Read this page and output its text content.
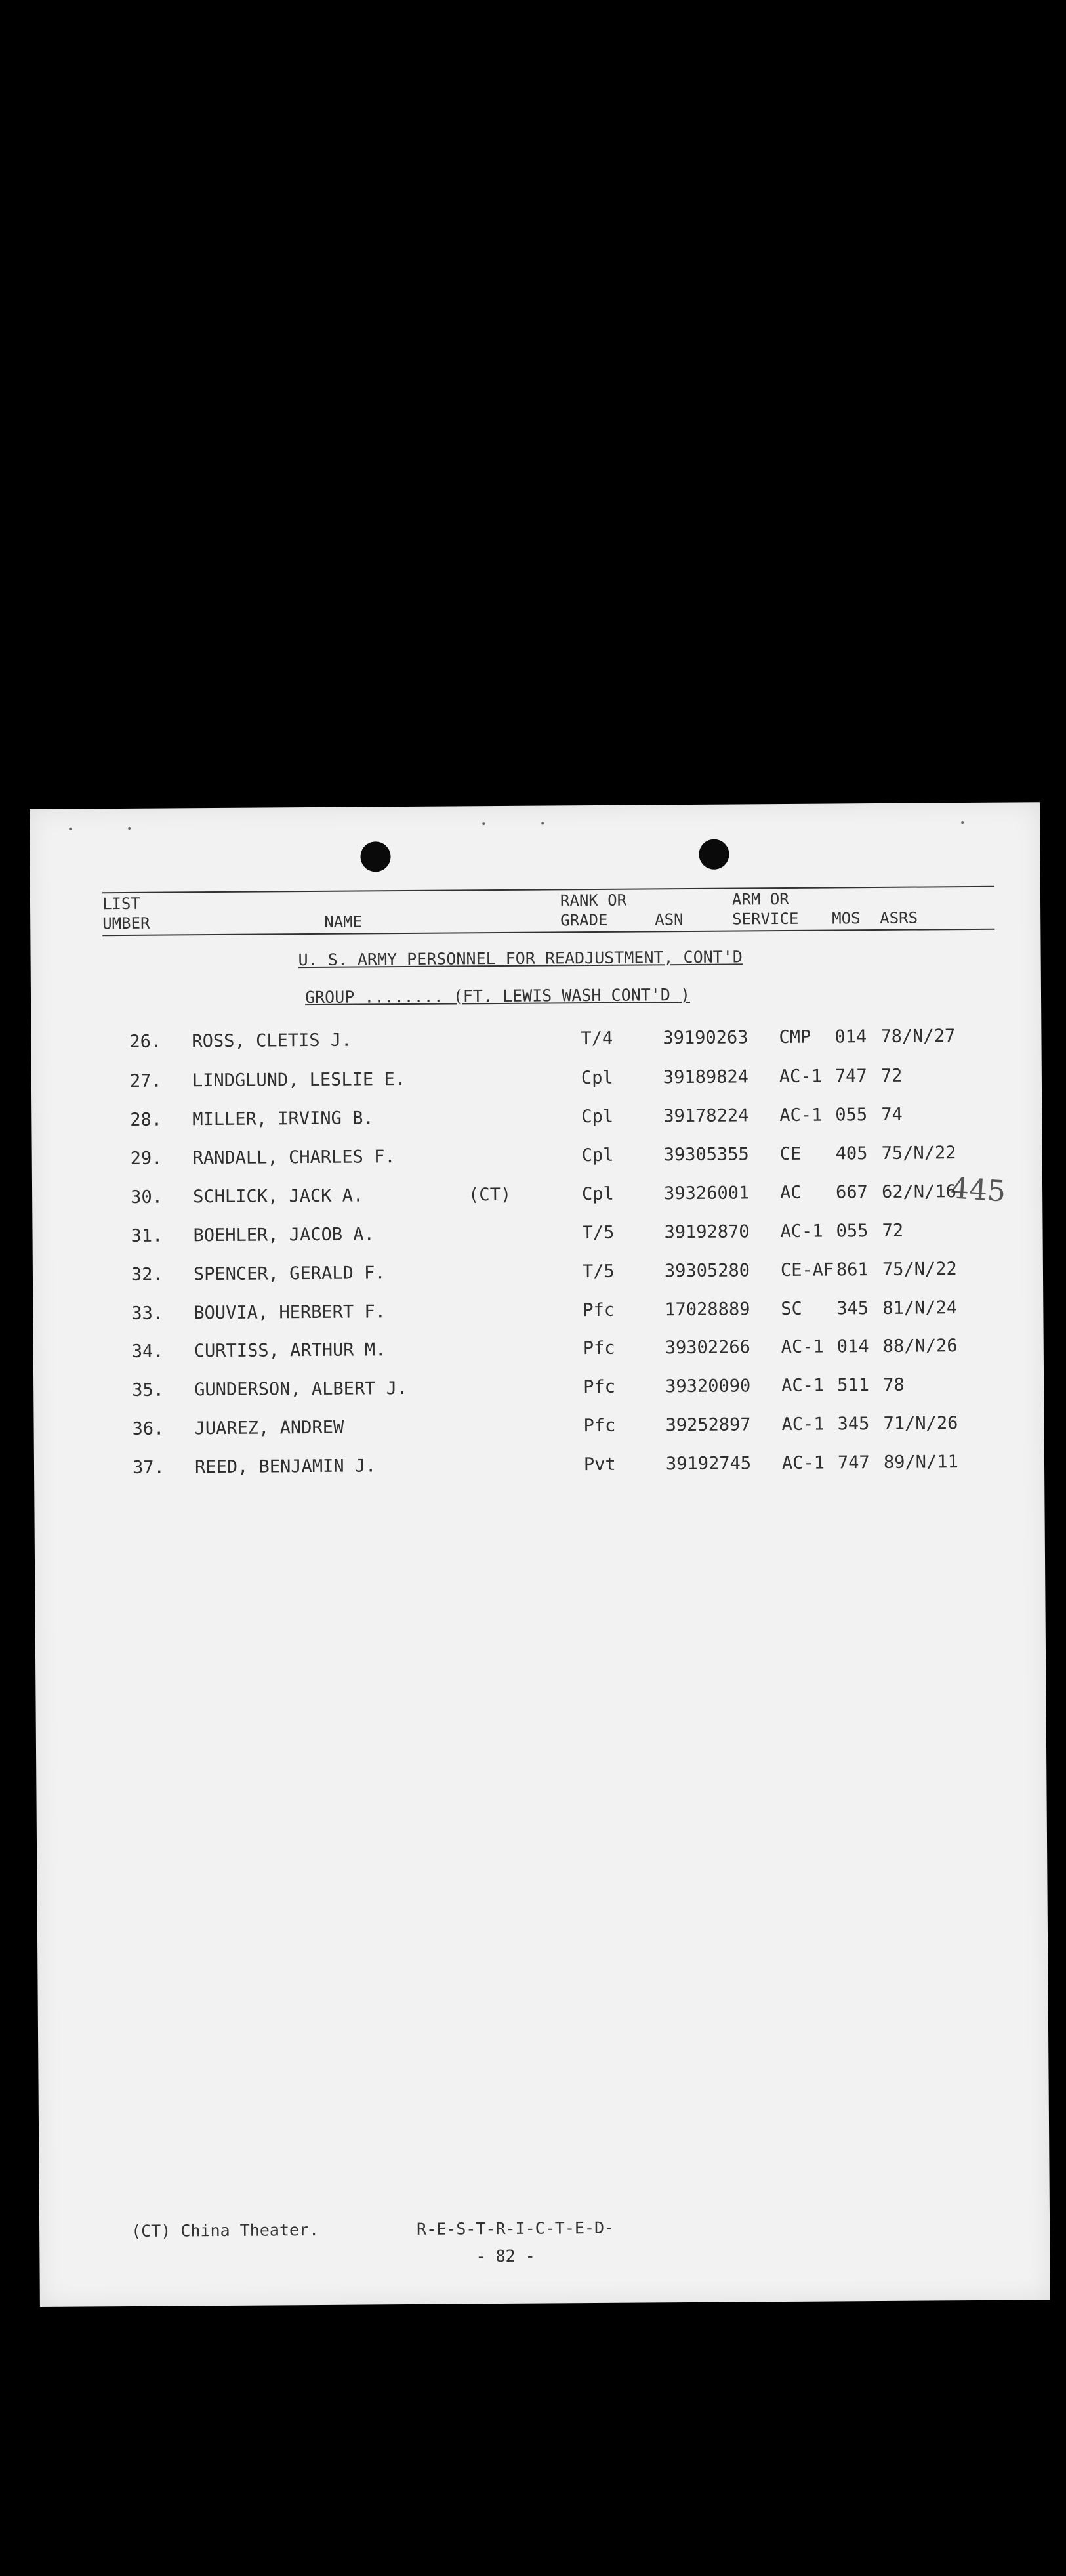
LIST
UMBER	NAME
RANK OR
GRADE	ASN
ARM OR
SERVICE MOS ASRS
U. S. ARMY PERSONNEL FOR READJUSTMENT, CONT'D
GROUP ........ (FT. LEWIS WASH CONT'D )
445
26. ROSS, CLETIS J.	T/4	39190263 CMP 014 78/N/27
27. LINDGLUND, LESLIE E.	Cpl	39189824 AC-1 747 72
28. MILLER, IRVING B.	Cpl	39178224 AC-1 055 74
29. RANDALL, CHARLES F.	Cpl	39305355 CE 405 75/N/22
30. SCHLICK, JACK A.	(CT)	Cpl	39326001 AC 667 62/N/16
31. BOEHLER, JACOB A.	T/5	39192870 AC-1 055 72
32. SPENCER, GERALD F.	T/5	39305280 CE-AF 861 75/N/22
33. BOUVIA, HERBERT F.	Pfc	17028889 SC 345 81/N/24
34. CURTISS, ARTHUR M.	Pfc	39302266 AC-1 014 88/N/26
35. GUNDERSON, ALBERT J.	Pfc	39320090 AC-1 511 78
36. JUAREZ, ANDREW	Pfc	39252897 AC-1 345 71/N/26
37. REED, BENJAMIN J.	Pvt	39192745 AC-1 747 89/N/11
(CT) China Theater.	R-E-S-T-R-I-C-T-E-D-
- 82 -
